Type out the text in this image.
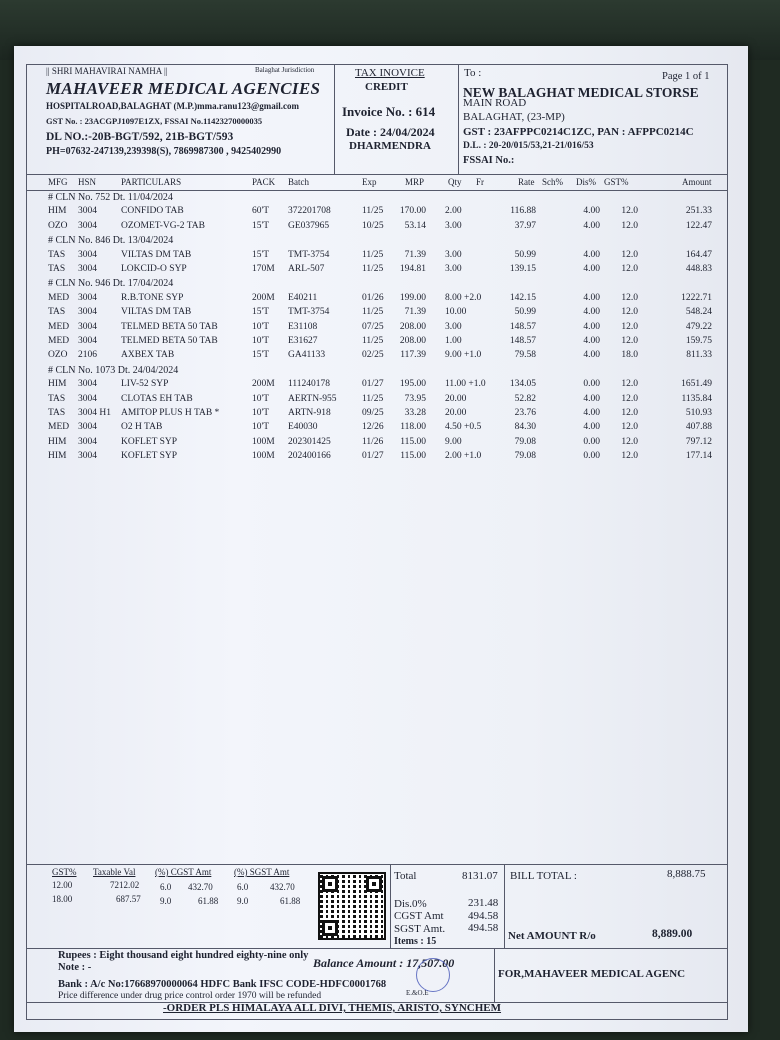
|| SHRI MAHAVIRAI NAMHA ||	Balaghat Jurisdiction
MAHAVEER MEDICAL AGENCIES
HOSPITALROAD,BALAGHAT (M.P.)mma.ranu123@gmail.com
GST No. : 23ACGPJ1097E1ZX, FSSAI No.11423270000035
DL NO.:-20B-BGT/592, 21B-BGT/593
PH=07632-247139,239398(S), 7869987300 , 9425402990
TAX INOVICE
CREDIT
Invoice No. : 614
Date : 24/04/2024
DHARMENDRA
To :	Page 1 of 1
NEW BALAGHAT MEDICAL STORSE
MAIN ROAD
BALAGHAT, (23-MP)
GST : 23AFPPC0214C1ZC, PAN : AFPPC0214C
D.L. : 20-20/015/53,21-21/016/53
FSSAI No.:
MFG HSN	PARTICULARS	PACK Batch	Exp	MRP	Qty Fr	Rate Sch% Dis% GST%	Amount
# CLN No. 752 Dt. 11/04/2024
HIM 3004	CONFIDO TAB	60'T 372201708	11/25 170.00 2.00	116.88	4.00 12.0	251.33
OZO 3004	OZOMET-VG-2 TAB	15'T GE037965	10/25 53.14 3.00	37.97	4.00 12.0	122.47
# CLN No. 846 Dt. 13/04/2024
TAS 3004	VILTAS DM TAB	15'T TMT-3754	11/25 71.39 3.00	50.99	4.00 12.0	164.47
TAS 3004	LOKCID-O SYP	170M ARL-507	11/25 194.81 3.00	139.15	4.00 12.0	448.83
# CLN No. 946 Dt. 17/04/2024
MED 3004	R.B.TONE SYP	200M E40211	01/26 199.00 8.00 +2.0	142.15	4.00 12.0	1222.71
TAS 3004	VILTAS DM TAB	15'T TMT-3754	11/25 71.39 10.00	50.99	4.00 12.0	548.24
MED 3004	TELMED BETA 50 TAB	10'T E31108	07/25 208.00 3.00	148.57	4.00 12.0	479.22
MED 3004	TELMED BETA 50 TAB	10'T E31627	11/25 208.00 1.00	148.57	4.00 12.0	159.75
OZO 2106	AXBEX TAB	15'T GA41133	02/25 117.39 9.00 +1.0	79.58	4.00 18.0	811.33
# CLN No. 1073 Dt. 24/04/2024
HIM 3004	LIV-52 SYP	200M 111240178	01/27 195.00 11.00 +1.0	134.05	0.00 12.0	1651.49
TAS 3004	CLOTAS EH TAB	10'T AERTN-955	11/25 73.95 20.00	52.82	4.00 12.0	1135.84
TAS 3004 H1 AMITOP PLUS H TAB *	10'T ARTN-918	09/25 33.28 20.00	23.76	4.00 12.0	510.93
MED 3004	O2 H TAB	10'T E40030	12/26 118.00 4.50 +0.5	84.30	4.00 12.0	407.88
HIM 3004	KOFLET SYP	100M 202301425	11/26 115.00 9.00	79.08	0.00 12.0	797.12
HIM 3004	KOFLET SYP	100M 202400166	01/27 115.00 2.00 +1.0	79.08	0.00 12.0	177.14
GST% Taxable Val (%) CGST Amt	(%) SGST Amt
12.00	7212.02 6.0 432.70	6.0 432.70
18.00	687.57 9.0	61.88 9.0	61.88
Total	8131.07
Dis.0%	231.48
CGST Amt 494.58
SGST Amt. 494.58
Items : 15
BILL TOTAL :	8,888.75
Net AMOUNT R/o	8,889.00
Rupees : Eight thousand eight hundred eighty-nine only
Note : -	Balance Amount : 17,507.00
Bank : A/c No:17668970000064 HDFC Bank IFSC CODE-HDFC0001768
E.&O.E
Price difference under drug price control order 1970 will be refunded
FOR,MAHAVEER MEDICAL AGENC
-ORDER PLS HIMALAYA ALL DIVI, THEMIS, ARISTO, SYNCHEM
